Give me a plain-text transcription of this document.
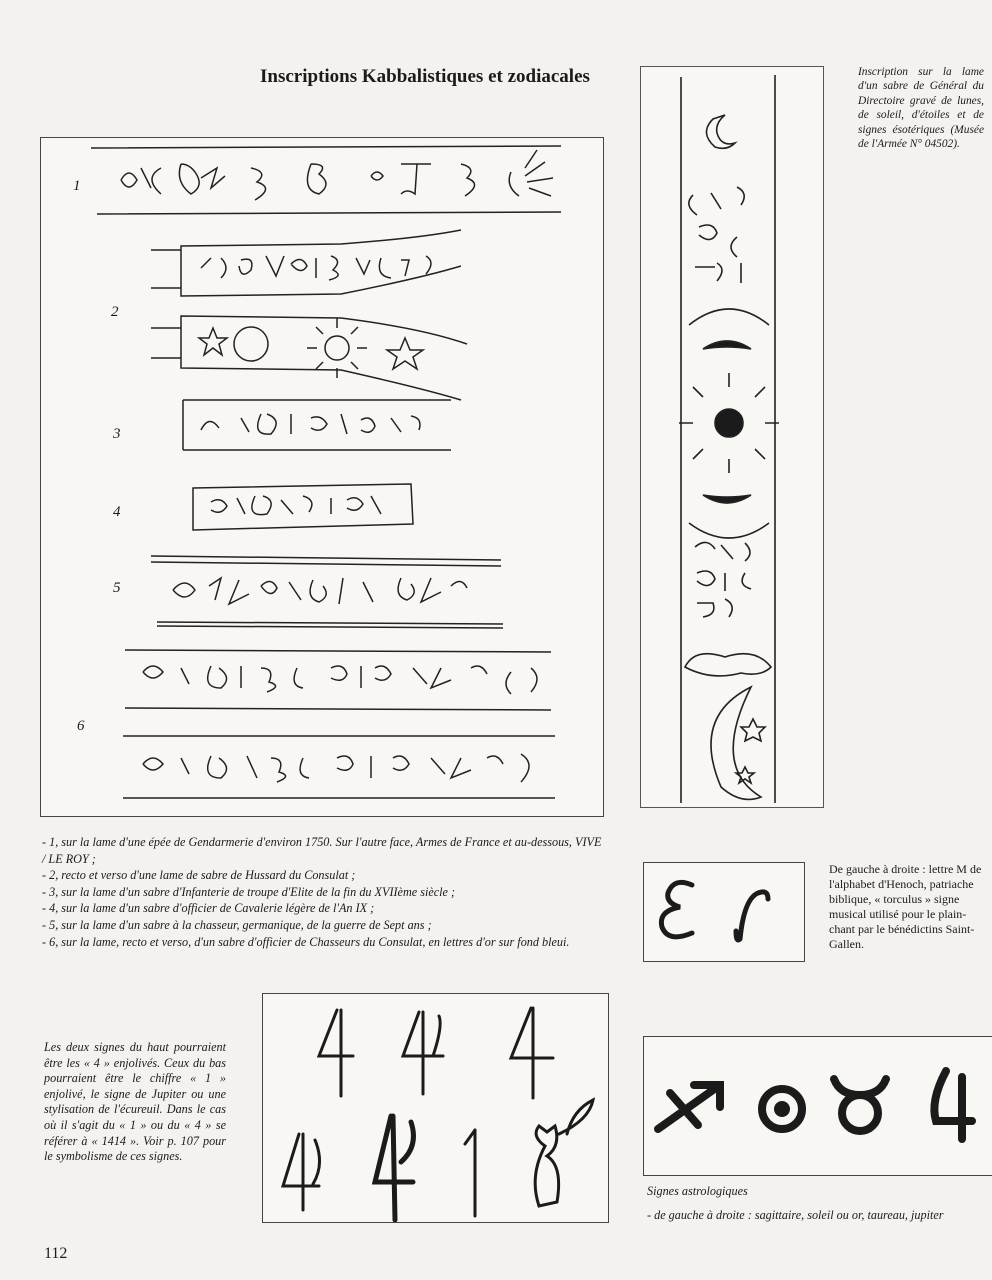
Inscriptions Kabbalistiques et zodiacales
1
2
3
4
5
6
Inscription sur la lame d'un sabre de Général du Directoire gravé de lunes, de soleil, d'étoiles et de signes ésotériques (Musée de l'Armée N° 04502).
De gauche à droite : lettre M de l'alphabet d'Henoch, patriache biblique, « torculus » signe musical utilisé pour le plain-chant par le bénédictins Saint-Gallen.
- 1, sur la lame d'une épée de Gendarmerie d'environ 1750. Sur l'autre face, Armes de France et au-dessous, VIVE / LE ROY ;
- 2, recto et verso d'une lame de sabre de Hussard du Consulat ;
- 3, sur la lame d'un sabre d'Infanterie de troupe d'Elite de la fin du XVIIème siècle ;
- 4, sur la lame d'un sabre d'officier de Cavalerie légère de l'An IX ;
- 5, sur la lame d'un sabre à la chasseur, germanique, de la guerre de Sept ans ;
- 6, sur la lame, recto et verso, d'un sabre d'officier de Chasseurs du Consulat, en lettres d'or sur fond bleui.
Les deux signes du haut pourraient être les « 4 » enjolivés. Ceux du bas pourraient être le chiffre « 1 » enjolivé, le signe de Jupiter ou une stylisation de l'écureuil. Dans le cas où il s'agit du « 1 » ou du « 4 » se référer à « 1414 ». Voir p. 107 pour le symbolisme de ces signes.
Signes astrologiques
- de gauche à droite : sagittaire, soleil ou or, taureau, jupiter
112
